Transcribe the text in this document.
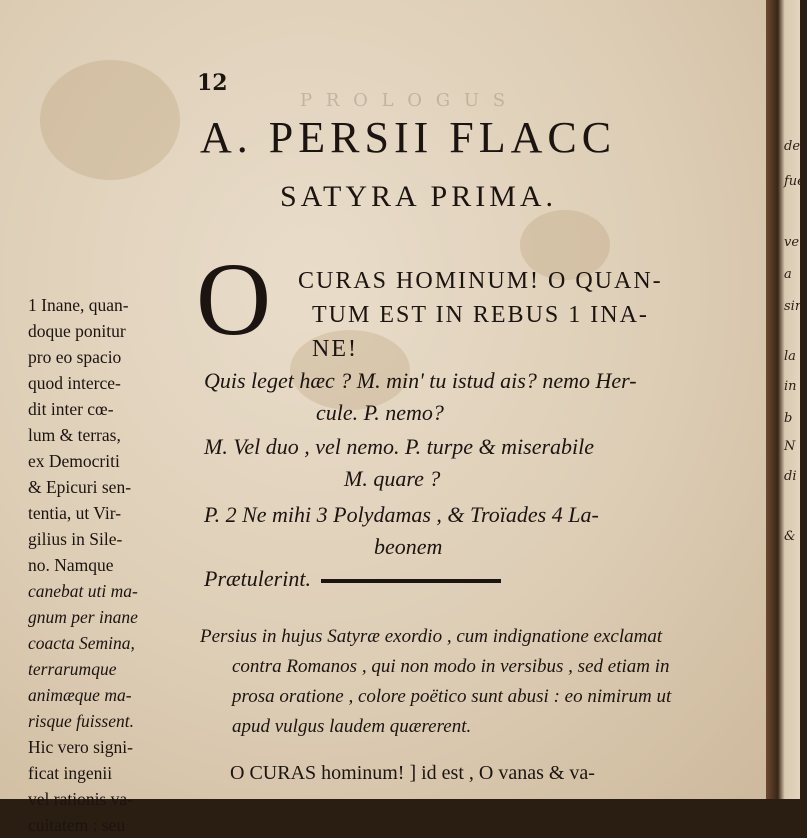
P R O L O G U S
12
A. PERSII FLACC
SATYRA PRIMA.
O CURAS HOMINUM! O QUAN-
TUM EST IN REBUS 1 INA-
NE!
Quis leget hæc ? M. min' tu istud ais? nemo Her-
cule. P. nemo?
M. Vel duo , vel nemo. P. turpe & miserabile
M. quare ?
P. 2 Ne mihi 3 Polydamas , & Troïades 4 La-
beonem
Prætulerint.
1 Inane, quan-
doque ponitur
pro eo spacio
quod interce-
dit inter cœ-
lum & terras,
ex Democriti
& Epicuri sen-
tentia, ut Vir-
gilius in Sile-
no. Namque
canebat uti ma-
gnum per inane
coacta Semina,
terrarumque
animæque ma-
risque fuissent.
Hic vero signi-
ficat ingenii
vel rationis va-
cuitatem : seu
Persius in hujus Satyræ exordio , cum indignatione exclamat
contra Romanos , qui non modo in versibus , sed etiam in
prosa oratione , colore poëtico sunt abusi : eo nimirum ut
apud vulgus laudem quærerent.
O CURAS hominum! ] id est , O vanas & va-
dec
fue
ve
a
sir
la
in
b
N
di
&
